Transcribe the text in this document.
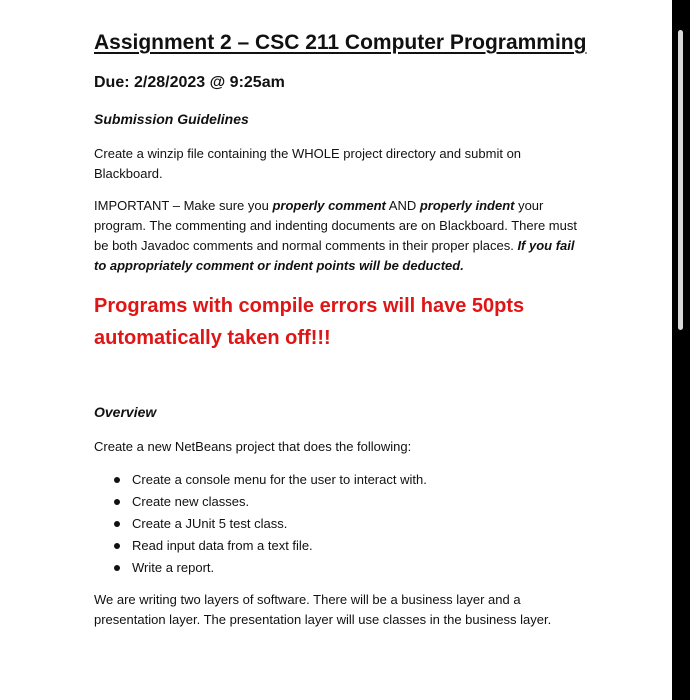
Assignment 2 – CSC 211 Computer Programming

Due: 2/28/2023 @ 9:25am

Submission Guidelines

Create a winzip file containing the WHOLE project directory and submit on Blackboard.

IMPORTANT – Make sure you properly comment AND properly indent your program. The commenting and indenting documents are on Blackboard. There must be both Javadoc comments and normal comments in their proper places. If you fail to appropriately comment or indent points will be deducted.

Programs with compile errors will have 50pts automatically taken off!!!

Overview

Create a new NetBeans project that does the following:

Create a console menu for the user to interact with.
Create new classes.
Create a JUnit 5 test class.
Read input data from a text file.
Write a report.

We are writing two layers of software. There will be a business layer and a presentation layer. The presentation layer will use classes in the business layer.
